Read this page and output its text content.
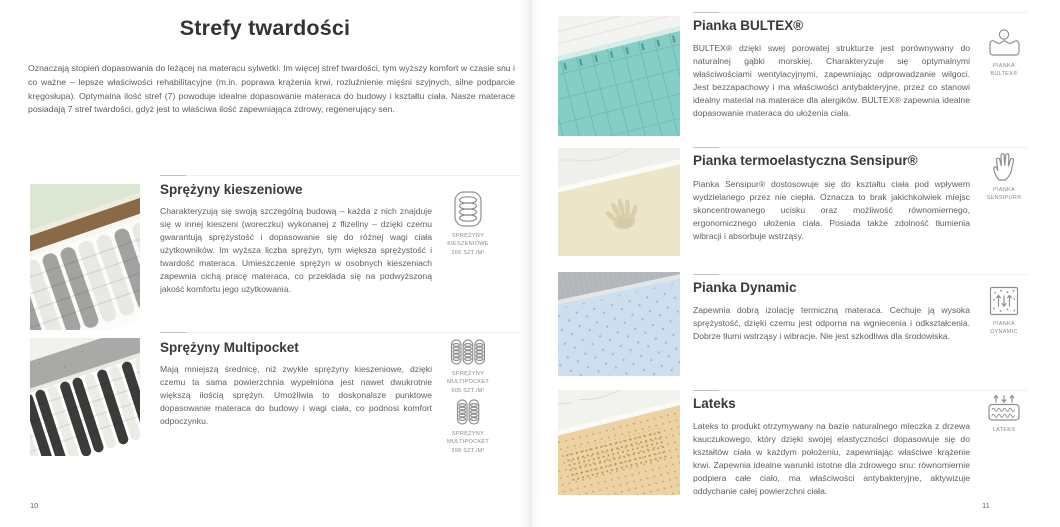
Strefy twardości
Oznaczają stopień dopasowania do leżącej na materacu sylwetki. Im więcej stref twardości, tym wyższy komfort w czasie snu i co ważne – lepsze właściwości rehabilitacyjne (m.in. poprawa krążenia krwi, rozluźnienie mięśni szyjnych, silne podparcie kręgosłupa). Optymalna ilość stref (7) powoduje idealne dopasowanie materaca do budowy i kształtu ciała. Nasze materace posiadają 7 stref twardości, gdyż jest to właściwa ilość zapewniająca zdrowy, regenerujący sen.
Sprężyny kieszeniowe
Charakteryzują się swoją szczególną budową – każda z nich znajduje się w innej kieszeni (woreczku) wykonanej z flizeliny – dzięki czemu gwarantują sprężystość i dopasowanie się do różnej wagi ciała użytkowników. Im wyższa liczba sprężyn, tym większa sprężystość i twardość materaca. Umieszczenie sprężyn w osobnych kieszeniach zapewnia cichą pracę materaca, co przekłada się na podwyższoną jakość komfortu jego użytkowania.
SPRĘŻYNY KIESZENIOWE
266 SZT./M²
Sprężyny Multipocket
Mają mniejszą średnicę, niż zwykłe sprężyny kieszeniowe, dzięki czemu ta sama powierzchnia wypełniona jest nawet dwukrotnie większą ilością sprężyn. Umożliwia to doskonalsze punktowe dopasowanie materaca do budowy i wagi ciała, co podnosi komfort odpoczynku.
SPRĘŻYNY MULTIPOCKET
505 SZT./M²
SPRĘŻYNY MULTIPOCKET
398 SZT./M²
10
Pianka BULTEX®
BULTEX® dzięki swej porowatej strukturze jest porównywany do naturalnej gąbki morskiej. Charakteryzuje się optymalnymi właściwościami wentylacyjnymi, zapewniając odprowadzanie wilgoci. Jest bezzapachowy i ma właściwości antybakteryjne, przez co stanowi idealny materiał na materace dla alergików. BULTEX® zapewnia idealne dopasowanie materaca do ułożenia ciała.
PIANKA BULTEX®
Pianka termoelastyczna Sensipur®
Pianka Sensipur® dostosowuje się do kształtu ciała pod wpływem wydzielanego przez nie ciepła. Oznacza to brak jakichkolwiek miejsc skoncentrowanego ucisku oraz możliwość równomiernego, ergonomicznego ułożenia ciała. Posiada także zdolność tłumienia wibracji i absorbuje wstrząsy.
PIANKA SENSIPUR®
Pianka Dynamic
Zapewnia dobrą izolację termiczną materaca. Cechuje ją wysoka sprężystość, dzięki czemu jest odporna na wgniecenia i odkształcenia. Dobrze tłumi wstrząsy i wibracje. Nie jest szkodliwa dla środowiska.
PIANKA DYNAMIC
Lateks
Lateks to produkt otrzymywany na bazie naturalnego mleczka z drzewa kauczukowego, który dzięki swojej elastyczności dopasowuje się do kształtów ciała w każdym położeniu, zapewniając właściwe krążenie krwi. Zapewnia idealne warunki istotne dla zdrowego snu: równomiernie podpiera całe ciało, ma właściwości antybakteryjne, aktywizuje oddychanie całej powierzchni ciała.
LATEKS
11
